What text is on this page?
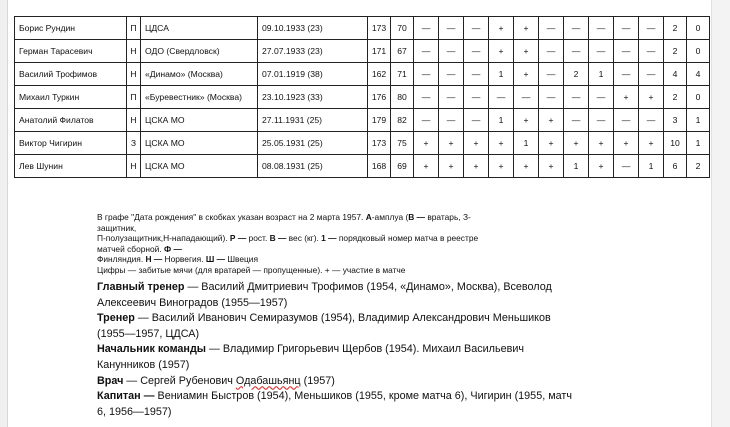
Борис Рундин	П	ЦДСА	09.10.1933 (23)	173	70	—	—	—	+	+	—	—	—	—	—	2	0
Герман Тарасевич	Н	ОДО (Свердловск)	27.07.1933 (23)	171	67	—	—	—	+	+	—	—	—	—	—	2	0
Василий Трофимов	Н	«Динамо» (Москва)	07.01.1919 (38)	162	71	—	—	—	1	+	—	2	1	—	—	4	4
Михаил Туркин	П	«Буревестник» (Москва)	23.10.1923 (33)	176	80	—	—	—	—	—	—	—	—	+	+	2	0
Анатолий Филатов	Н	ЦСКА МО	27.11.1931 (25)	179	82	—	—	—	1	+	+	—	—	—	—	3	1
Виктор Чигирин	З	ЦСКА МО	25.05.1931 (25)	173	75	+	+	+	+	1	+	+	+	+	+	10	1
Лев Шунин	Н	ЦСКА МО	08.08.1931 (25)	168	69	+	+	+	+	+	+	1	+	—	1	6	2
В графе "Дата рождения" в скобках указан возраст на 2 марта 1957. А-амплуа (В — вратарь, З-защитник,
П-полузащитник,Н-нападающий). Р — рост. В — вес (кг). 1 — порядковый номер матча в реестре матчей сборной. Ф —
Финляндия. Н — Норвегия. Ш — Швеция
Цифры — забитые мячи (для вратарей — пропущенные). + — участие в матче

Главный тренер — Василий Дмитриевич Трофимов (1954, «Динамо», Москва), Всеволод

Алексеевич Виноградов (1955—1957)

Тренер — Василий Иванович Семиразумов (1954), Владимир Александрович Меньшиков

(1955—1957, ЦДСА)

Начальник команды — Владимир Григорьевич Щербов (1954). Михаил Васильевич

Канунников (1957)

Врач — Сергей Рубенович Одабашьянц (1957)

Капитан — Вениамин Быстров (1954), Меньшиков (1955, кроме матча 6), Чигирин (1955, матч

6, 1956—1957)
